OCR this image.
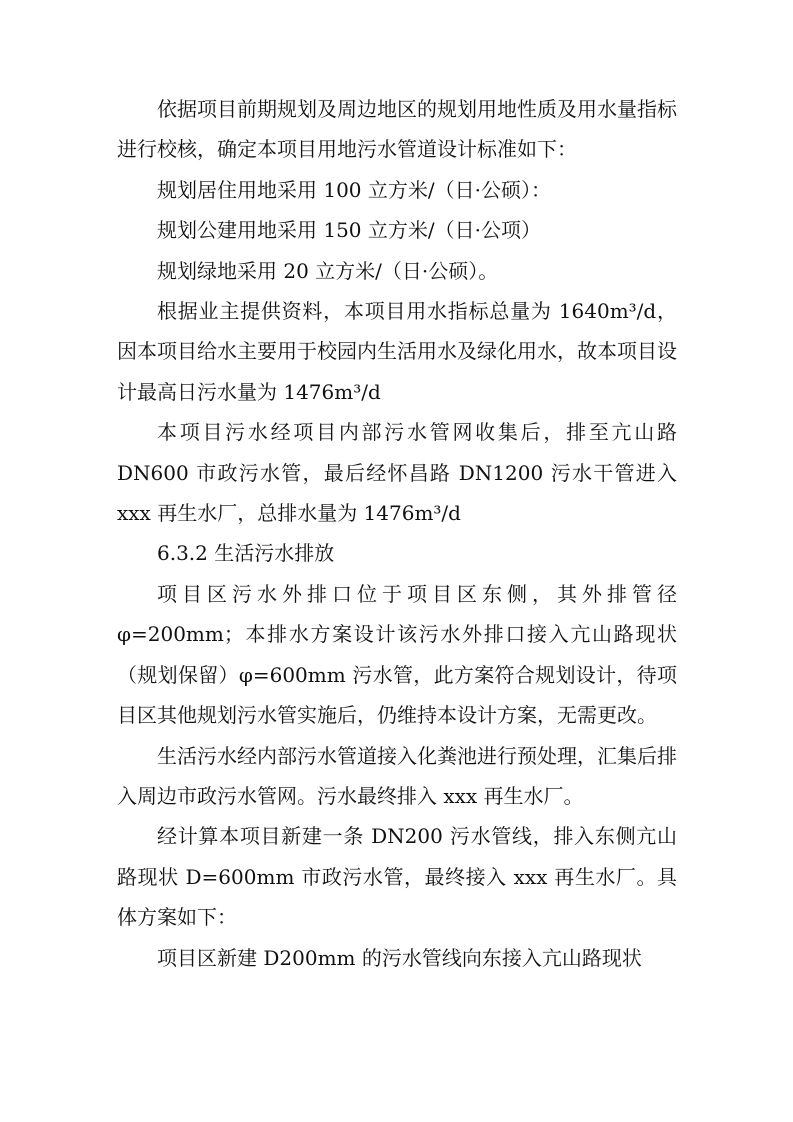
依据项目前期规划及周边地区的规划用地性质及用水量指标进行校核，确定本项目用地污水管道设计标准如下：

规划居住用地采用 100 立方米/（日·公硕）：

规划公建用地采用 150 立方米/（日·公项）

规划绿地采用 20 立方米/（日·公硕）。

根据业主提供资料，本项目用水指标总量为 1640m³/d，因本项目给水主要用于校园内生活用水及绿化用水，故本项目设计最高日污水量为 1476m³/d

本项目污水经项目内部污水管网收集后，排至亢山路 DN600 市政污水管，最后经怀昌路 DN1200 污水干管进入 xxx 再生水厂，总排水量为 1476m³/d

6.3.2 生活污水排放

项目区污水外排口位于项目区东侧，其外排管径 φ=200mm；本排水方案设计该污水外排口接入亢山路现状（规划保留）φ=600mm 污水管，此方案符合规划设计，待项目区其他规划污水管实施后，仍维持本设计方案，无需更改。

生活污水经内部污水管道接入化粪池进行预处理，汇集后排入周边市政污水管网。污水最终排入 xxx 再生水厂。

经计算本项目新建一条 DN200 污水管线，排入东侧亢山路现状 D=600mm 市政污水管，最终接入 xxx 再生水厂。具体方案如下：

项目区新建 D200mm 的污水管线向东接入亢山路现状
